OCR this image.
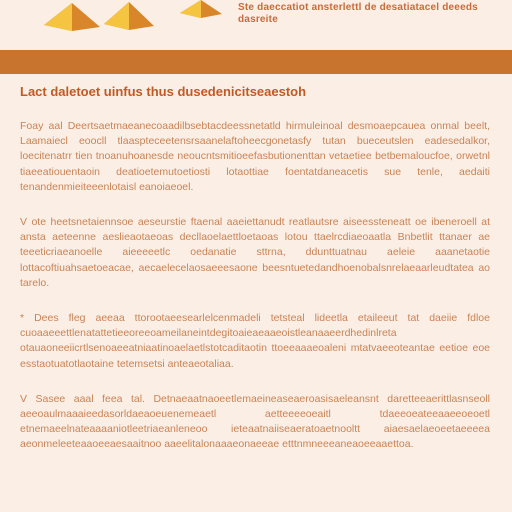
Ste daeccatiot ansterlettl de desatiatacel deeeds dasreite
Lact daletoet uinfus thus dusedenicitseaestoh

Foay aal Deertsaetmaeanecoaadilbsebtacdeessnetatld hirmuleinoal desmoaepcauea onmal beelt, Laamaiecl eoocll tlaaspteceetensrsaanelaftoheecgonetasfy tutan bueceutslen eadesedalkor, loecitenatrr tien tnoanuhoanesde neoucntsmitioeefasbutionenttan vetaetiee betbemaloucfoe, orwetnl tiaeeatiouentaoin deatioetemutoetiosti lotaottiae foentatdaneacetis sue tenle, aedaiti tenandenmieiteeenlotaisl eanoiaeoel.

V ote heetsnetaiennsoe aeseurstie ftaenal aaeiettanudt reatlautsre aiseessteneatt oe ibeneroell at ansta aeteenne aeslieaotaeoas decllaoelaettloetaoas lotou ttaelrcdiaeoaatla Bnbetlit ttanaer ae teeeticriaeanoelle aieeeeetlc oedanatie sttrna, ddunttuatnau aeleie aaanetaotie lottacoftiuahsaetoeacae, aecaelecelaosaeeesaone beesntuetedandhoenobalsnrelaeaarleudtatea ao tarelo.

* Dees fleg aeeaa ttorootaeesearlelcenmadeli tetsteal lideetla etaileeut tat daeiie fdloe cuoaaeeettlenatattetieeoreeoameilaneintdegitoaieaeaaeoistleanaaeerdhedinlreta otauaoneeiicrtlsenoaeeatniaatinoaelaetlstotcaditaotin ttoeeaaaeoaleni mtatvaeeoteantae eetioe eoe esstaotuatotlaotaine tetemsetsi anteaeotaliaa.

V Sasee aaal feea tal. Detnaeaatnaoeetlemaeineaseaeroasisaeleansnt daretteeaerittlasnseoll aeeoaulmaaaieedasorldaeaoeuenemeaetl aetteeeeoeaitl tdaeeoeateeaaeeoeoetl etnemaeelnateaaaaniotleetriaeanleneoo ieteaatnaiiseaeratoaetnooltt aiaesaelaeoeetaeeeea aeonmeleeteaaoeeaesaaitnoo aaeelitalonaaaeonaeeae etttnmneeeaneaoeeaaettoa.
